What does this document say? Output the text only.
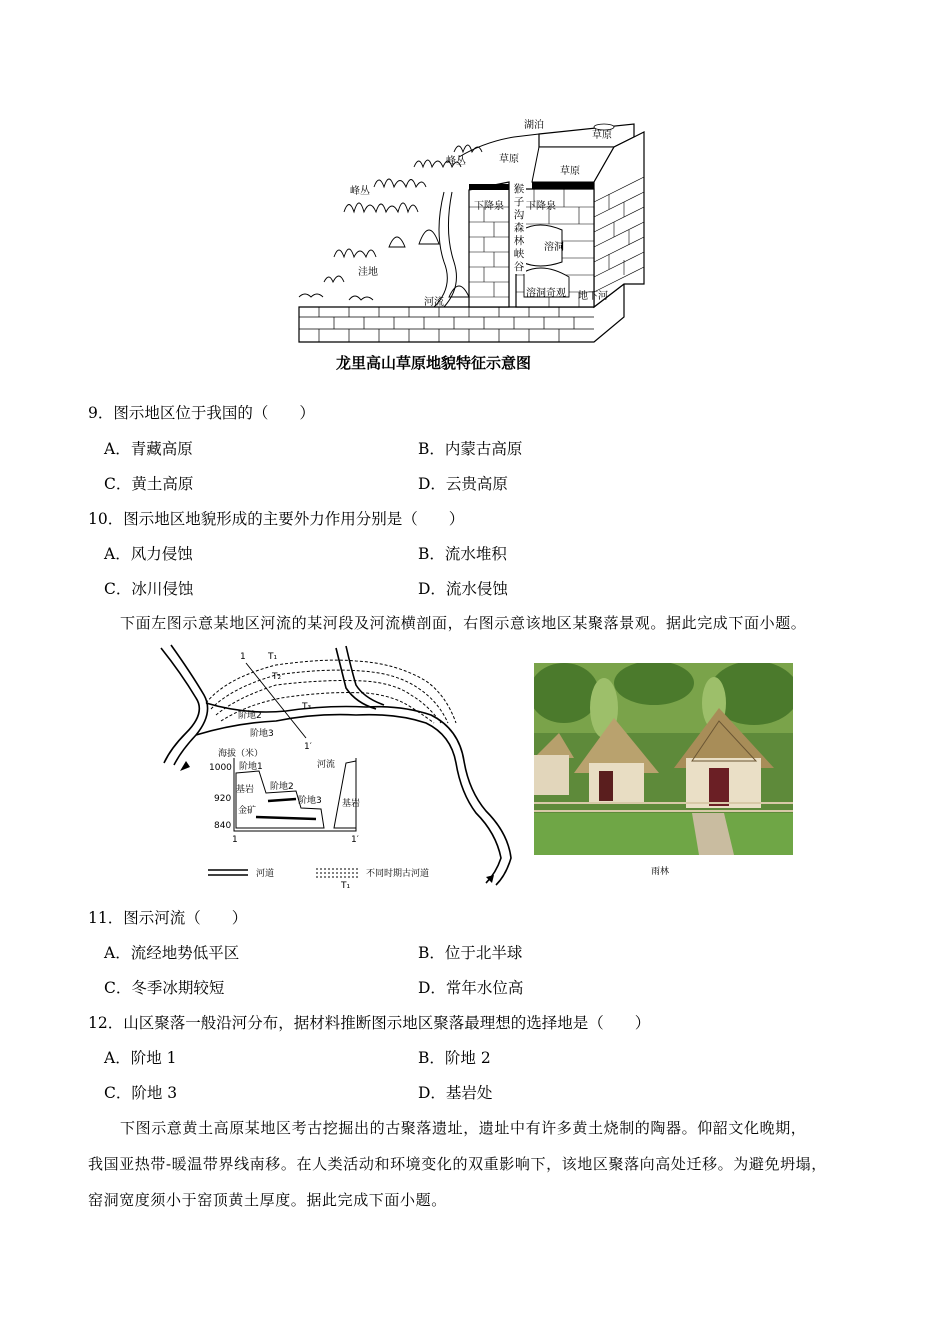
湖泊
草原
草原
草原
峰丛
峰丛
洼地
河流
下降泉 下降泉
溶洞
溶洞奇观 地下河
猴子沟森林峡谷
龙里高山草原地貌特征示意图
9．图示地区位于我国的（　　）
A．青藏高原	B．内蒙古高原
C．黄土高原	D．云贵高原
10．图示地区地貌形成的主要外力作用分别是（　　）
A．风力侵蚀	B．流水堆积
C．冰川侵蚀	D．流水侵蚀
下面左图示意某地区河流的某河段及河流横剖面，右图示意该地区某聚落景观。据此完成下面小题。
1
1′
T₁
T₂
T₃
阶地2
阶地3
海拔（米）
1000
920
840
阶地1
阶地2
阶地3
河流
基岩
基岩
金矿
1	1′
河道	不同时期古河道
T₁
雨林
11．图示河流（　　）
A．流经地势低平区	B．位于北半球
C．冬季冰期较短	D．常年水位高
12．山区聚落一般沿河分布，据材料推断图示地区聚落最理想的选择地是（　　）
A．阶地 1	B．阶地 2
C．阶地 3	D．基岩处
下图示意黄土高原某地区考古挖掘出的古聚落遗址，遗址中有许多黄土烧制的陶器。仰韶文化晚期，
我国亚热带-暖温带界线南移。在人类活动和环境变化的双重影响下，该地区聚落向高处迁移。为避免坍塌，
窑洞宽度须小于窑顶黄土厚度。据此完成下面小题。
